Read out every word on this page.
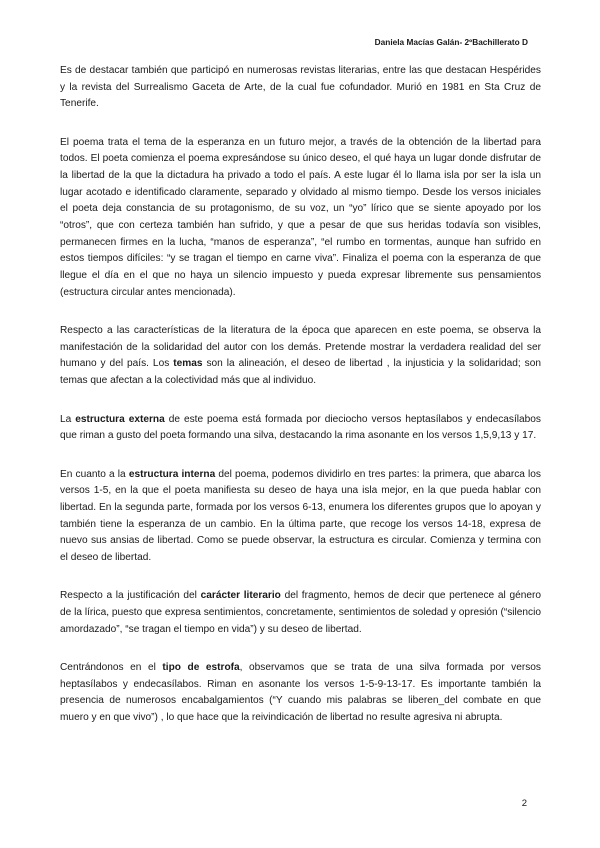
Daniela Macías Galán- 2ºBachillerato D

Es de destacar también que participó en numerosas revistas literarias, entre las que destacan Hespérides y la revista del Surrealismo Gaceta de Arte, de la cual fue cofundador. Murió en 1981 en Sta Cruz de Tenerife.

El poema trata el tema de la esperanza en un futuro mejor, a través de la obtención de la libertad para todos. El poeta comienza el poema expresándose su único deseo, el qué haya un lugar donde disfrutar de la libertad de la que la dictadura ha privado a todo el país. A este lugar él lo llama isla por ser la isla un lugar acotado e identificado claramente, separado y olvidado al mismo tiempo. Desde los versos iniciales el poeta deja constancia de su protagonismo, de su voz, un “yo” lírico que se siente apoyado por los “otros”, que con certeza también han sufrido, y que a pesar de que sus heridas todavía son visibles, permanecen firmes en la lucha, “manos de esperanza”, “el rumbo en tormentas, aunque han sufrido en estos tiempos difíciles: “y se tragan el tiempo en carne viva”. Finaliza el poema con la esperanza de que llegue el día en el que no haya un silencio impuesto y pueda expresar libremente sus pensamientos (estructura circular antes mencionada).

Respecto a las características de la literatura de la época que aparecen en este poema, se observa la manifestación de la solidaridad del autor con los demás. Pretende mostrar la verdadera realidad del ser humano y del país. Los temas son la alineación, el deseo de libertad , la injusticia y la solidaridad; son temas que afectan a la colectividad más que al individuo.

La estructura externa de este poema está formada por dieciocho versos heptasílabos y endecasílabos que riman a gusto del poeta formando una silva, destacando la rima asonante en los versos 1,5,9,13 y 17.

En cuanto a la estructura interna del poema, podemos dividirlo en tres partes: la primera, que abarca los versos 1-5, en la que el poeta manifiesta su deseo de haya una isla mejor, en la que pueda hablar con libertad. En la segunda parte, formada por los versos 6-13, enumera los diferentes grupos que lo apoyan y también tiene la esperanza de un cambio. En la última parte, que recoge los versos 14-18, expresa de nuevo sus ansias de libertad. Como se puede observar, la estructura es circular. Comienza y termina con el deseo de libertad.

Respecto a la justificación del carácter literario del fragmento, hemos de decir que pertenece al género de la lírica, puesto que expresa sentimientos, concretamente, sentimientos de soledad y opresión (“silencio amordazado”, “se tragan el tiempo en vida”) y su deseo de libertad.

Centrándonos en el tipo de estrofa, observamos que se trata de una silva formada por versos heptasílabos y endecasílabos. Riman en asonante los versos 1-5-9-13-17. Es importante también la presencia de numerosos encabalgamientos (“Y cuando mis palabras se liberen_del combate en que muero y en que vivo”) , lo que hace que la reivindicación de libertad no resulte agresiva ni abrupta.

2
